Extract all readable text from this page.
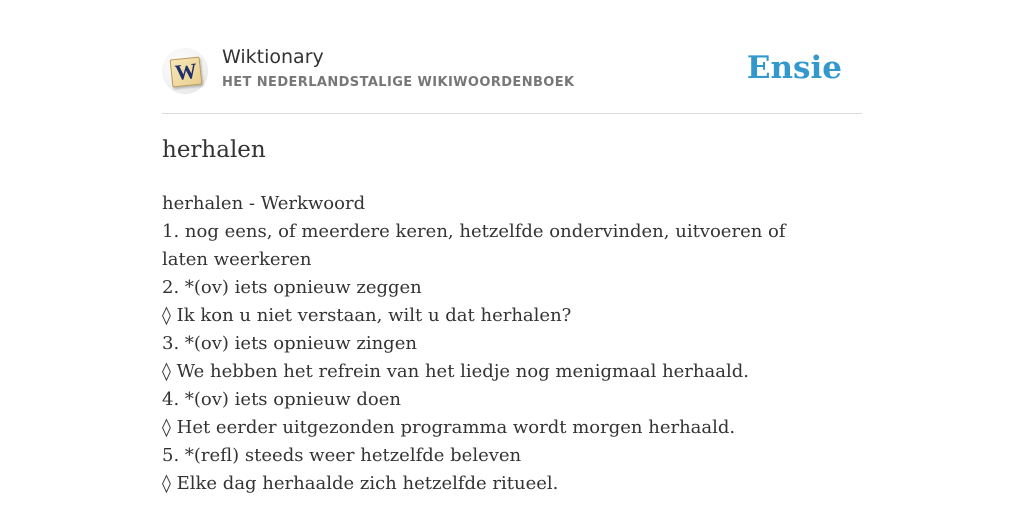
W
Wiktionary
HET NEDERLANDSTALIGE WIKIWOORDENBOEK	Ensie
herhalen
herhalen - Werkwoord
1. nog eens, of meerdere keren, hetzelfde ondervinden, uitvoeren of laten weerkeren
2. *(ov) iets opnieuw zeggen
◊ Ik kon u niet verstaan, wilt u dat herhalen?
3. *(ov) iets opnieuw zingen
◊ We hebben het refrein van het liedje nog menigmaal herhaald.
4. *(ov) iets opnieuw doen
◊ Het eerder uitgezonden programma wordt morgen herhaald.
5. *(refl) steeds weer hetzelfde beleven
◊ Elke dag herhaalde zich hetzelfde ritueel.
